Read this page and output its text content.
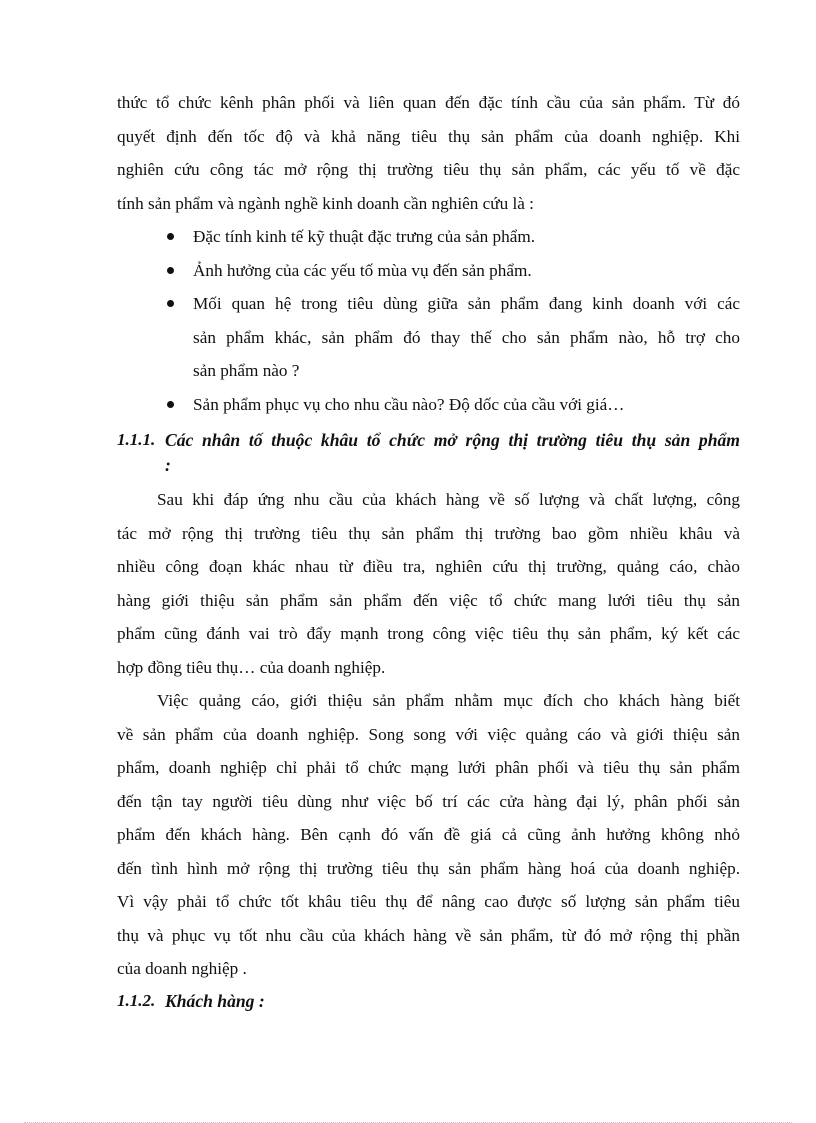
thức tổ chức kênh phân phối và liên quan đến đặc tính cầu của sản phẩm. Từ đó
quyết định đến tốc độ và khả năng tiêu thụ sản phẩm của doanh nghiệp. Khi
nghiên cứu công tác mở rộng thị trường tiêu thụ sản phẩm, các yếu tố về đặc
tính sản phẩm và ngành nghề kinh doanh cần nghiên cứu là :
Đặc tính kinh tế kỹ thuật đặc trưng của sản phẩm.
Ảnh hưởng của các yếu tố mùa vụ đến sản phẩm.
Mối quan hệ trong tiêu dùng giữa sản phẩm đang kinh doanh với các
sản phẩm khác, sản phẩm đó thay thế cho sản phẩm nào, hỗ trợ cho
sản phẩm nào ?
Sản phẩm phục vụ cho nhu cầu nào? Độ dốc của cầu với giá…
1.1.1. Các nhân tố thuộc khâu tổ chức mở rộng thị trường tiêu thụ sản phẩm
:
Sau khi đáp ứng nhu cầu của khách hàng về số lượng và chất lượng, công
tác mở rộng thị trường tiêu thụ sản phẩm thị trường bao gồm nhiều khâu và
nhiều công đoạn khác nhau từ điều tra, nghiên cứu thị trường, quảng cáo, chào
hàng giới thiệu sản phẩm sản phẩm đến việc tổ chức mang lưới tiêu thụ sản
phẩm cũng đánh vai trò đẩy mạnh trong công việc tiêu thụ sản phẩm, ký kết các
hợp đồng tiêu thụ… của doanh nghiệp.
Việc quảng cáo, giới thiệu sản phẩm nhằm mục đích cho khách hàng biết
về sản phẩm của doanh nghiệp. Song song với việc quảng cáo và giới thiệu sản
phẩm, doanh nghiệp chỉ phải tổ chức mạng lưới phân phối và tiêu thụ sản phẩm
đến tận tay người tiêu dùng như việc bố trí các cửa hàng đại lý, phân phối sản
phẩm đến khách hàng. Bên cạnh đó vấn đề giá cả cũng ảnh hưởng không nhỏ
đến tình hình mở rộng thị trường tiêu thụ sản phẩm hàng hoá của doanh nghiệp.
Vì vậy phải tổ chức tốt khâu tiêu thụ để nâng cao được số lượng sản phẩm tiêu
thụ và phục vụ tốt nhu cầu của khách hàng về sản phẩm, từ đó mở rộng thị phần
của doanh nghiệp .
1.1.2. Khách hàng :
